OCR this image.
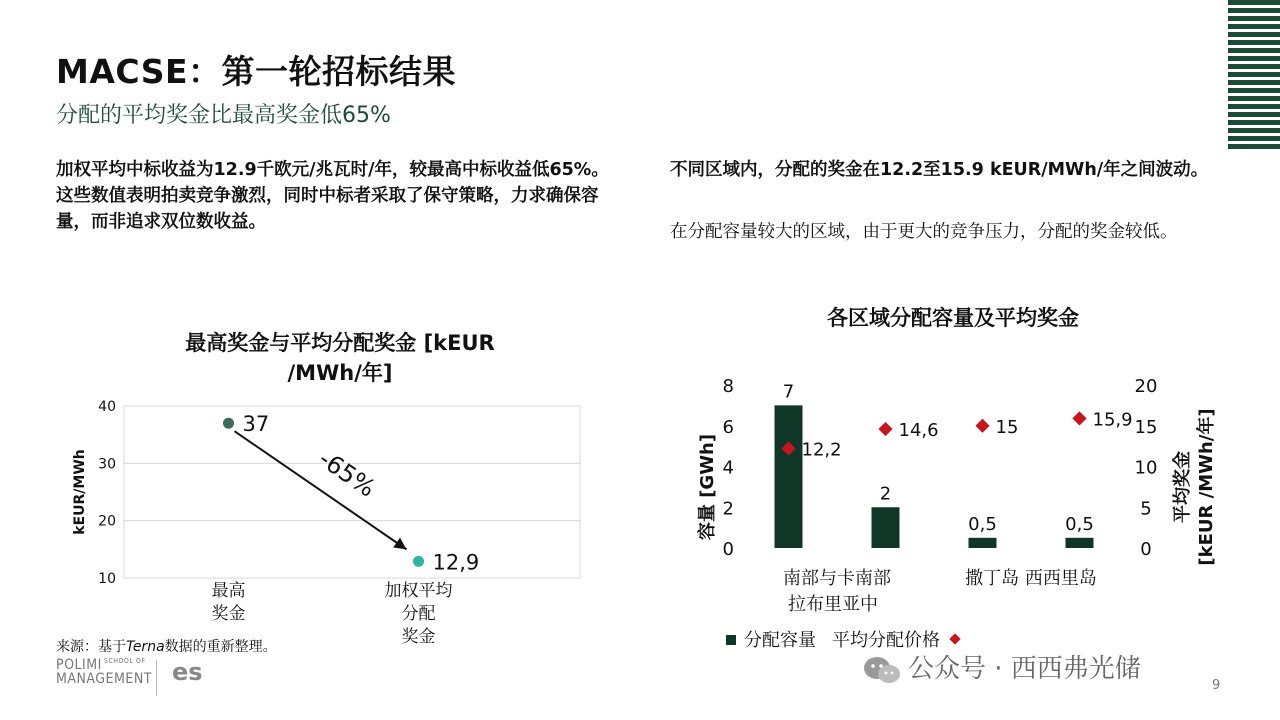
MACSE：第一轮招标结果
分配的平均奖金比最高奖金低65%
加权平均中标收益为12.9千欧元/兆瓦时/年，较最高中标收益低65%。 这些数值表明拍卖竞争激烈，同时中标者采取了保守策略，力求确保容量，而非追求双位数收益。
不同区域内，分配的奖金在12.2至15.9 kEUR/MWh/年之间波动。
在分配容量较大的区域，由于更大的竞争压力，分配的奖金较低。
最高奖金与平均分配奖金 [kEUR
/MWh/年]
10
20
30
40
kEUR/MWh	-65%
37
12,9
最高
奖金
加权平均
分配
奖金
各区域分配容量及平均奖金
0
2
4
6
8
0
5
10
15
20
7
2
0,5	0,5
12,2
14,6	15	15,9
南部与卡南部
拉布里亚中
撒丁岛 西西里岛
容量 [GWh]	平均奖金 [kEUR /MWh/年]
分配容量 平均分配价格
来源：基于Terna数据的重新整理。
POLIMI SCHOOL OF
MANAGEMENT es	公众号 · 西西弗光储
9
